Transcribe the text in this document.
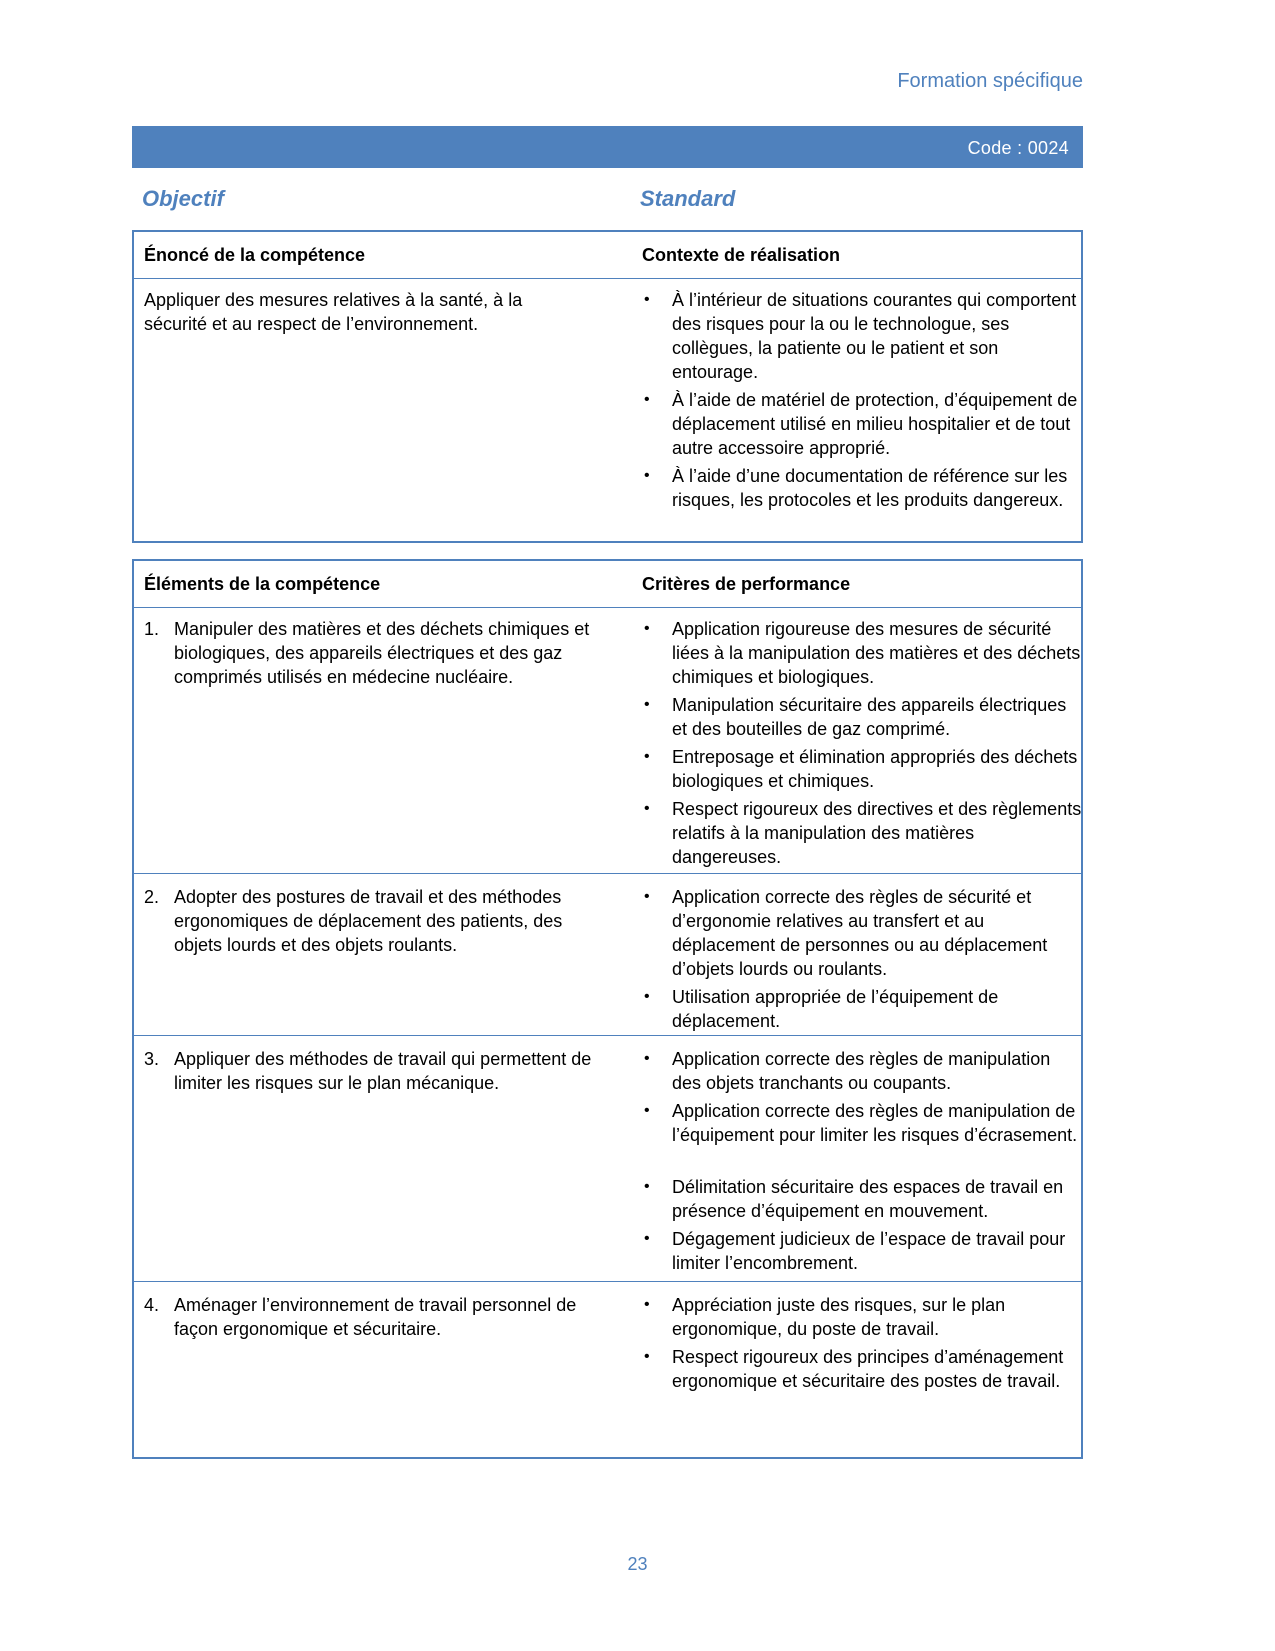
Formation spécifique
Code : 0024
Objectif	Standard
Énoncé de la compétence	Contexte de réalisation
Appliquer des mesures relatives à la santé, à la sécurité et au respect de l’environnement.
• À l’intérieur de situations courantes qui comportent des risques pour la ou le technologue, ses collègues, la patiente ou le patient et son entourage.
• À l’aide de matériel de protection, d’équipement de déplacement utilisé en milieu hospitalier et de tout autre accessoire approprié.
• À l’aide d’une documentation de référence sur les risques, les protocoles et les produits dangereux.
Éléments de la compétence	Critères de performance
1. Manipuler des matières et des déchets chimiques et biologiques, des appareils électriques et des gaz comprimés utilisés en médecine nucléaire.
• Application rigoureuse des mesures de sécurité liées à la manipulation des matières et des déchets chimiques et biologiques.
• Manipulation sécuritaire des appareils électriques et des bouteilles de gaz comprimé.
• Entreposage et élimination appropriés des déchets biologiques et chimiques.
• Respect rigoureux des directives et des règlements relatifs à la manipulation des matières dangereuses.
2. Adopter des postures de travail et des méthodes ergonomiques de déplacement des patients, des objets lourds et des objets roulants.
• Application correcte des règles de sécurité et d’ergonomie relatives au transfert et au déplacement de personnes ou au déplacement d’objets lourds ou roulants.
• Utilisation appropriée de l’équipement de déplacement.
3. Appliquer des méthodes de travail qui permettent de limiter les risques sur le plan mécanique.
• Application correcte des règles de manipulation des objets tranchants ou coupants.
• Application correcte des règles de manipulation de l’équipement pour limiter les risques d’écrasement.
• Délimitation sécuritaire des espaces de travail en présence d’équipement en mouvement.
• Dégagement judicieux de l’espace de travail pour limiter l’encombrement.
4. Aménager l’environnement de travail personnel de façon ergonomique et sécuritaire.
• Appréciation juste des risques, sur le plan ergonomique, du poste de travail.
• Respect rigoureux des principes d’aménagement ergonomique et sécuritaire des postes de travail.
23
